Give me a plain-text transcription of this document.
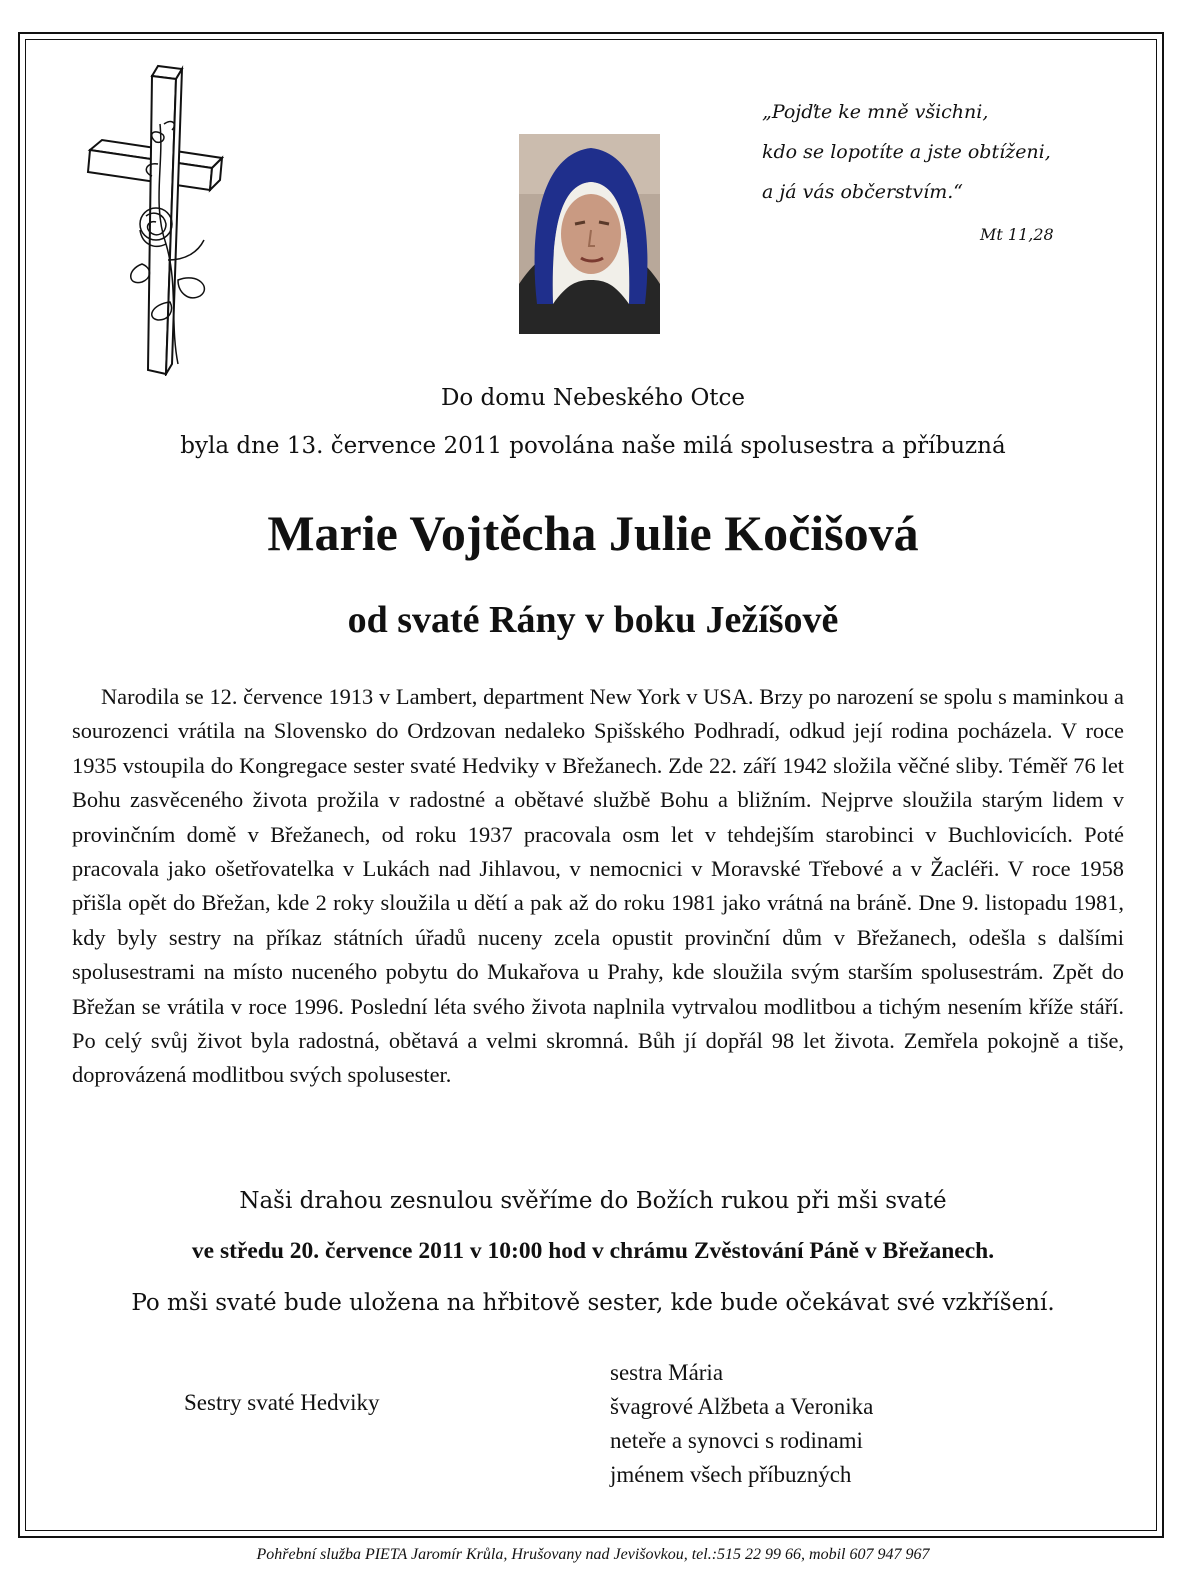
„Pojďte ke mně všichni,
kdo se lopotíte a jste obtíženi,
a já vás občerstvím.“
Mt 11,28
Do domu Nebeského Otce
byla dne 13. července 2011 povolána naše milá spolusestra a příbuzná
Marie Vojtěcha Julie Kočišová
od svaté Rány v boku Ježíšově
Narodila se 12. července 1913 v Lambert, department New York v USA. Brzy po narození se spolu s maminkou a sourozenci vrátila na Slovensko do Ordzovan nedaleko Spišského Podhradí, odkud její rodina pocházela. V roce 1935 vstoupila do Kongregace sester svaté Hedviky v Břežanech. Zde 22. září 1942 složila věčné sliby. Téměř 76 let Bohu zasvěceného života prožila v radostné a obětavé službě Bohu a bližním. Nejprve sloužila starým lidem v provinčním domě v Břežanech, od roku 1937 pracovala osm let v tehdejším starobinci v Buchlovicích. Poté pracovala jako ošetřovatelka v Lukách nad Jihlavou, v nemocnici v Moravské Třebové a v Žacléři. V roce 1958 přišla opět do Břežan, kde 2 roky sloužila u dětí a pak až do roku 1981 jako vrátná na bráně. Dne 9. listopadu 1981, kdy byly sestry na příkaz státních úřadů nuceny zcela opustit provinční dům v Břežanech, odešla s dalšími spolusestrami na místo nuceného pobytu do Mukařova u Prahy, kde sloužila svým starším spolusestrám. Zpět do Břežan se vrátila v roce 1996. Poslední léta svého života naplnila vytrvalou modlitbou a tichým nesením kříže stáří. Po celý svůj život byla radostná, obětavá a velmi skromná. Bůh jí dopřál 98 let života. Zemřela pokojně a tiše, doprovázená modlitbou svých spolusester.
Naši drahou zesnulou svěříme do Božích rukou při mši svaté
ve středu 20. července 2011 v 10:00 hod v chrámu Zvěstování Páně v Břežanech.
Po mši svaté bude uložena na hřbitově sester, kde bude očekávat své vzkříšení.
Sestry svaté Hedviky
sestra Mária
švagrové Alžbeta a Veronika
neteře a synovci s rodinami
jménem všech příbuzných
Pohřební služba PIETA Jaromír Krůla, Hrušovany nad Jevišovkou, tel.:515 22 99 66, mobil 607 947 967
